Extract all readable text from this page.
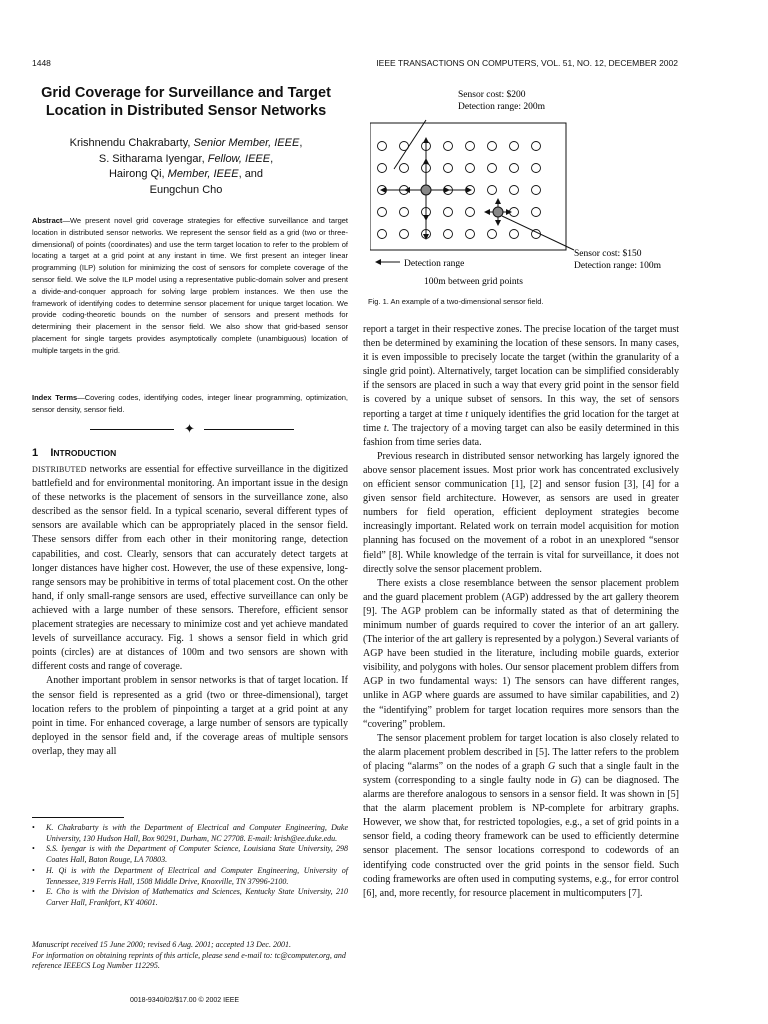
1448	IEEE TRANSACTIONS ON COMPUTERS, VOL. 51, NO. 12, DECEMBER 2002
Grid Coverage for Surveillance and Target
Location in Distributed Sensor Networks
Krishnendu Chakrabarty, Senior Member, IEEE,
S. Sitharama Iyengar, Fellow, IEEE,
Hairong Qi, Member, IEEE, and
Eungchun Cho
Abstract—We present novel grid coverage strategies for effective surveillance and target location in distributed sensor networks. We represent the sensor field as a grid (two or three-dimensional) of points (coordinates) and use the term target location to refer to the problem of locating a target at a grid point at any instant in time. We first present an integer linear programming (ILP) solution for minimizing the cost of sensors for complete coverage of the sensor field. We solve the ILP model using a representative public-domain solver and present a divide-and-conquer approach for solving large problem instances. We then use the framework of identifying codes to determine sensor placement for unique target location. We provide coding-theoretic bounds on the number of sensors and present methods for determining their placement in the sensor field. We also show that grid-based sensor placement for single targets provides asymptotically complete (unambiguous) location of multiple targets in the grid.
Index Terms—Covering codes, identifying codes, integer linear programming, optimization, sensor density, sensor field.
✦
1 INTRODUCTION

DISTRIBUTED networks are essential for effective surveillance in the digitized battlefield and for environmental monitoring. An important issue in the design of these networks is the placement of sensors in the surveillance zone, also described as the sensor field. In a typical scenario, several different types of sensors are available which can be appropriately placed in the sensor field. These sensors differ from each other in their monitoring range, detection capabilities, and cost. Clearly, sensors that can accurately detect targets at longer distances have higher cost. However, the use of these expensive, long-range sensors may be prohibitive in terms of total placement cost. On the other hand, if only small-range sensors are used, effective surveillance can only be achieved with a large number of these sensors. Therefore, efficient sensor placement strategies are necessary to minimize cost and yet achieve mandated levels of surveillance accuracy. Fig. 1 shows a sensor field in which grid points (circles) are at distances of 100m and two sensors are shown with different costs and range of coverage.

Another important problem in sensor networks is that of target location. If the sensor field is represented as a grid (two or three-dimensional), target location refers to the problem of pinpointing a target at a grid point at any point in time. For enhanced coverage, a large number of sensors are typically deployed in the sensor field and, if the coverage areas of multiple sensors overlap, they may all

• K. Chakrabarty is with the Department of Electrical and Computer Engineering, Duke University, 130 Hudson Hall, Box 90291, Durham, NC 27708. E-mail: krish@ee.duke.edu.
• S.S. Iyengar is with the Department of Computer Science, Louisiana State University, 298 Coates Hall, Baton Rouge, LA 70803.
• H. Qi is with the Department of Electrical and Computer Engineering, University of Tennessee, 319 Ferris Hall, 1508 Middle Drive, Knoxville, TN 37996-2100.
• E. Cho is with the Division of Mathematics and Sciences, Kentucky State University, 210 Carver Hall, Frankfort, KY 40601.
Manuscript received 15 June 2000; revised 6 Aug. 2001; accepted 13 Dec. 2001.
For information on obtaining reprints of this article, please send e-mail to: tc@computer.org, and reference IEEECS Log Number 112295.
0018-9340/02/$17.00 © 2002 IEEE
Sensor cost: $200
Detection range: 200m
Sensor cost: $150
Detection range: 100m
Detection range
100m between grid points
Fig. 1. An example of a two-dimensional sensor field.

report a target in their respective zones. The precise location of the target must then be determined by examining the location of these sensors. In many cases, it is even impossible to precisely locate the target (within the granularity of a single grid point). Alternatively, target location can be simplified considerably if the sensors are placed in such a way that every grid point in the sensor field is covered by a unique subset of sensors. In this way, the set of sensors reporting a target at time t uniquely identifies the grid location for the target at time t. The trajectory of a moving target can also be easily determined in this fashion from time series data.

Previous research in distributed sensor networking has largely ignored the above sensor placement issues. Most prior work has concentrated exclusively on efficient sensor communication [1], [2] and sensor fusion [3], [4] for a given sensor field architecture. However, as sensors are used in greater numbers for field operation, efficient deployment strategies become increasingly important. Related work on terrain model acquisition for motion planning has focused on the movement of a robot in an unexplored “sensor field” [8]. While knowledge of the terrain is vital for surveillance, it does not directly solve the sensor placement problem.

There exists a close resemblance between the sensor placement problem and the guard placement problem (AGP) addressed by the art gallery theorem [9]. The AGP problem can be informally stated as that of determining the minimum number of guards required to cover the interior of an art gallery. (The interior of the art gallery is represented by a polygon.) Several variants of AGP have been studied in the literature, including mobile guards, exterior visibility, and polygons with holes. Our sensor placement problem differs from AGP in two fundamental ways: 1) The sensors can have different ranges, unlike in AGP where guards are assumed to have similar capabilities, and 2) the “identifying” problem for target location requires more sensors than the “covering” problem.

The sensor placement problem for target location is also closely related to the alarm placement problem described in [5]. The latter refers to the problem of placing “alarms” on the nodes of a graph G such that a single fault in the system (corresponding to a single faulty node in G) can be diagnosed. The alarms are therefore analogous to sensors in a sensor field. It was shown in [5] that the alarm placement problem is NP-complete for arbitrary graphs. However, we show that, for restricted topologies, e.g., a set of grid points in a sensor field, a coding theory framework can be used to efficiently determine sensor placement. The sensor locations correspond to codewords of an identifying code constructed over the grid points in the sensor field. Such coding frameworks are often used in computing systems, e.g., for error control [6], and, more recently, for resource placement in multicomputers [7].
